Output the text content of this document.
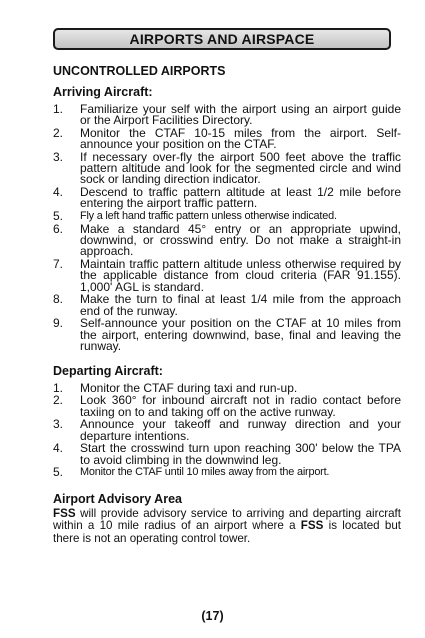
AIRPORTS AND AIRSPACE
UNCONTROLLED AIRPORTS
Arriving Aircraft:
1.	Familiarize your self with the airport using an airport guide or the Airport Facilities Directory.
2.	Monitor the CTAF 10-15 miles from the airport. Self-announce your position on the CTAF.
3.	If necessary over-fly the airport 500 feet above the traffic pattern altitude and look for the segmented circle and wind sock or landing direction indicator.
4.	Descend to traffic pattern altitude at least 1/2 mile before entering the airport traffic pattern.
5.	Fly a left hand traffic pattern unless otherwise indicated.
6.	Make a standard 45° entry or an appropriate upwind, downwind, or crosswind entry. Do not make a straight-in approach.
7.	Maintain traffic pattern altitude unless otherwise required by the applicable distance from cloud criteria (FAR 91.155). 1,000' AGL is standard.
8.	Make the turn to final at least 1/4 mile from the approach end of the runway.
9.	Self-announce your position on the CTAF at 10 miles from the airport, entering downwind, base, final and leaving the runway.
Departing Aircraft:
1.	Monitor the CTAF during taxi and run-up.
2.	Look 360° for inbound aircraft not in radio contact before taxiing on to and taking off on the active runway.
3.	Announce your takeoff and runway direction and your departure intentions.
4.	Start the crosswind turn upon reaching 300' below the TPA to avoid climbing in the downwind leg.
5.	Monitor the CTAF until 10 miles away from the airport.
Airport Advisory Area

FSS will provide advisory service to arriving and departing aircraft within a 10 mile radius of an airport where a FSS is located but there is not an operating control tower.

(17)
